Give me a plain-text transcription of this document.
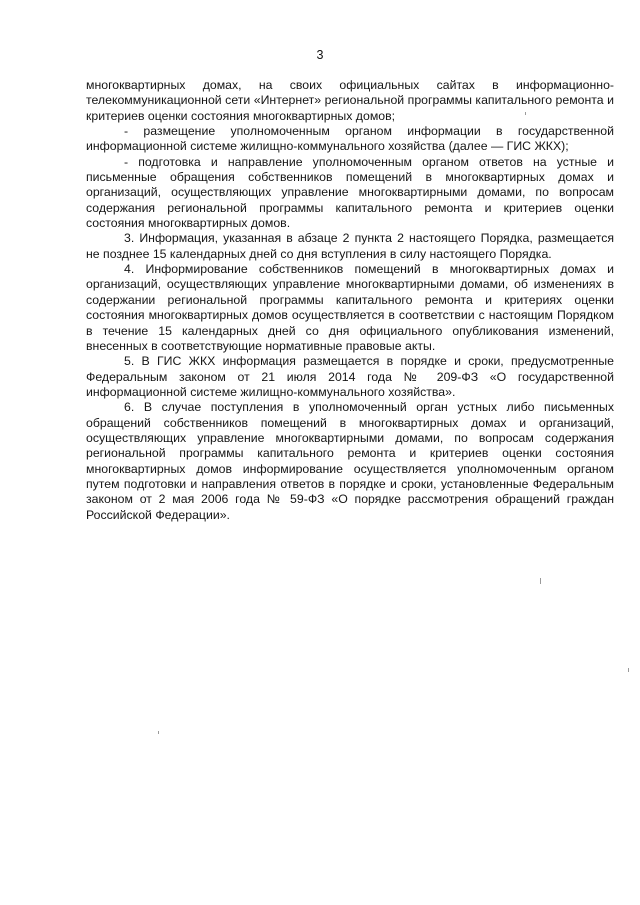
3

многоквартирных домах, на своих официальных сайтах в информационно-телекоммуникационной сети «Интернет» региональной программы капитального ремонта и критериев оценки состояния многоквартирных домов;

- размещение уполномоченным органом информации в государственной информационной системе жилищно-коммунального хозяйства (далее — ГИС ЖКХ);

- подготовка и направление уполномоченным органом ответов на устные и письменные обращения собственников помещений в многоквартирных домах и организаций, осуществляющих управление многоквартирными домами, по вопросам содержания региональной программы капитального ремонта и критериев оценки состояния многоквартирных домов.

3. Информация, указанная в абзаце 2 пункта 2 настоящего Порядка, размещается не позднее 15 календарных дней со дня вступления в силу настоящего Порядка.

4. Информирование собственников помещений в многоквартирных домах и организаций, осуществляющих управление многоквартирными домами, об изменениях в содержании региональной программы капитального ремонта и критериях оценки состояния многоквартирных домов осуществляется в соответствии с настоящим Порядком в течение 15 календарных дней со дня официального опубликования изменений, внесенных в соответствующие нормативные правовые акты.

5. В ГИС ЖКХ информация размещается в порядке и сроки, предусмотренные Федеральным законом от 21 июля 2014 года № 209-ФЗ «О государственной информационной системе жилищно-коммунального хозяйства».

6. В случае поступления в уполномоченный орган устных либо письменных обращений собственников помещений в многоквартирных домах и организаций, осуществляющих управление многоквартирными домами, по вопросам содержания региональной программы капитального ремонта и критериев оценки состояния многоквартирных домов информирование осуществляется уполномоченным органом путем подготовки и направления ответов в порядке и сроки, установленные Федеральным законом от 2 мая 2006 года № 59-ФЗ «О порядке рассмотрения обращений граждан Российской Федерации».
